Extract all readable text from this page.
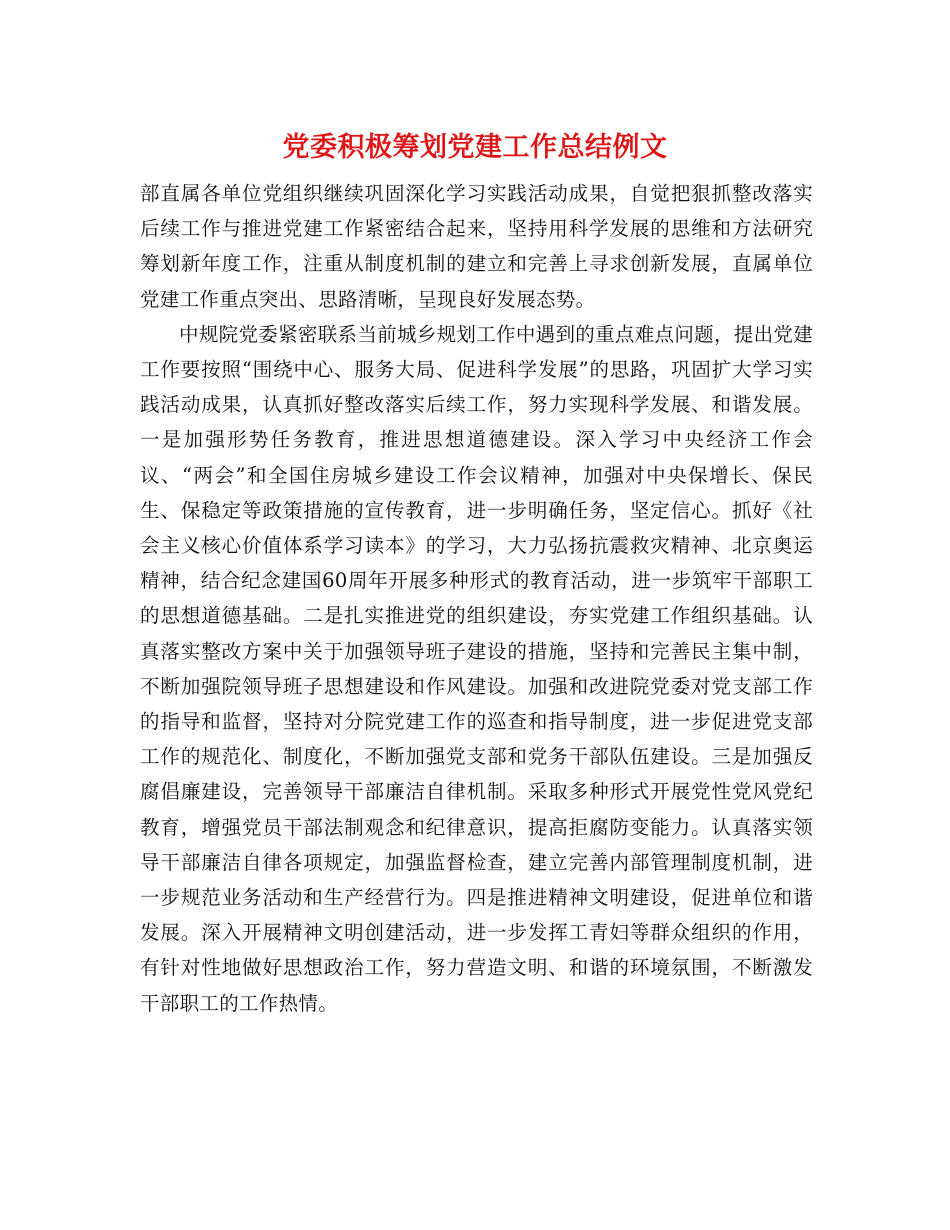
党委积极筹划党建工作总结例文

部直属各单位党组织继续巩固深化学习实践活动成果，自觉把狠抓整改落实后续工作与推进党建工作紧密结合起来，坚持用科学发展的思维和方法研究筹划新年度工作，注重从制度机制的建立和完善上寻求创新发展，直属单位党建工作重点突出、思路清晰，呈现良好发展态势。

中规院党委紧密联系当前城乡规划工作中遇到的重点难点问题，提出党建工作要按照“围绕中心、服务大局、促进科学发展”的思路，巩固扩大学习实践活动成果，认真抓好整改落实后续工作，努力实现科学发展、和谐发展。一是加强形势任务教育，推进思想道德建设。深入学习中央经济工作会议、“两会”和全国住房城乡建设工作会议精神，加强对中央保增长、保民生、保稳定等政策措施的宣传教育，进一步明确任务，坚定信心。抓好《社会主义核心价值体系学习读本》的学习，大力弘扬抗震救灾精神、北京奥运精神，结合纪念建国60周年开展多种形式的教育活动，进一步筑牢干部职工的思想道德基础。二是扎实推进党的组织建设，夯实党建工作组织基础。认真落实整改方案中关于加强领导班子建设的措施，坚持和完善民主集中制，不断加强院领导班子思想建设和作风建设。加强和改进院党委对党支部工作的指导和监督，坚持对分院党建工作的巡查和指导制度，进一步促进党支部工作的规范化、制度化，不断加强党支部和党务干部队伍建设。三是加强反腐倡廉建设，完善领导干部廉洁自律机制。采取多种形式开展党性党风党纪教育，增强党员干部法制观念和纪律意识，提高拒腐防变能力。认真落实领导干部廉洁自律各项规定，加强监督检查，建立完善内部管理制度机制，进一步规范业务活动和生产经营行为。四是推进精神文明建设，促进单位和谐发展。深入开展精神文明创建活动，进一步发挥工青妇等群众组织的作用，有针对性地做好思想政治工作，努力营造文明、和谐的环境氛围，不断激发干部职工的工作热情。
